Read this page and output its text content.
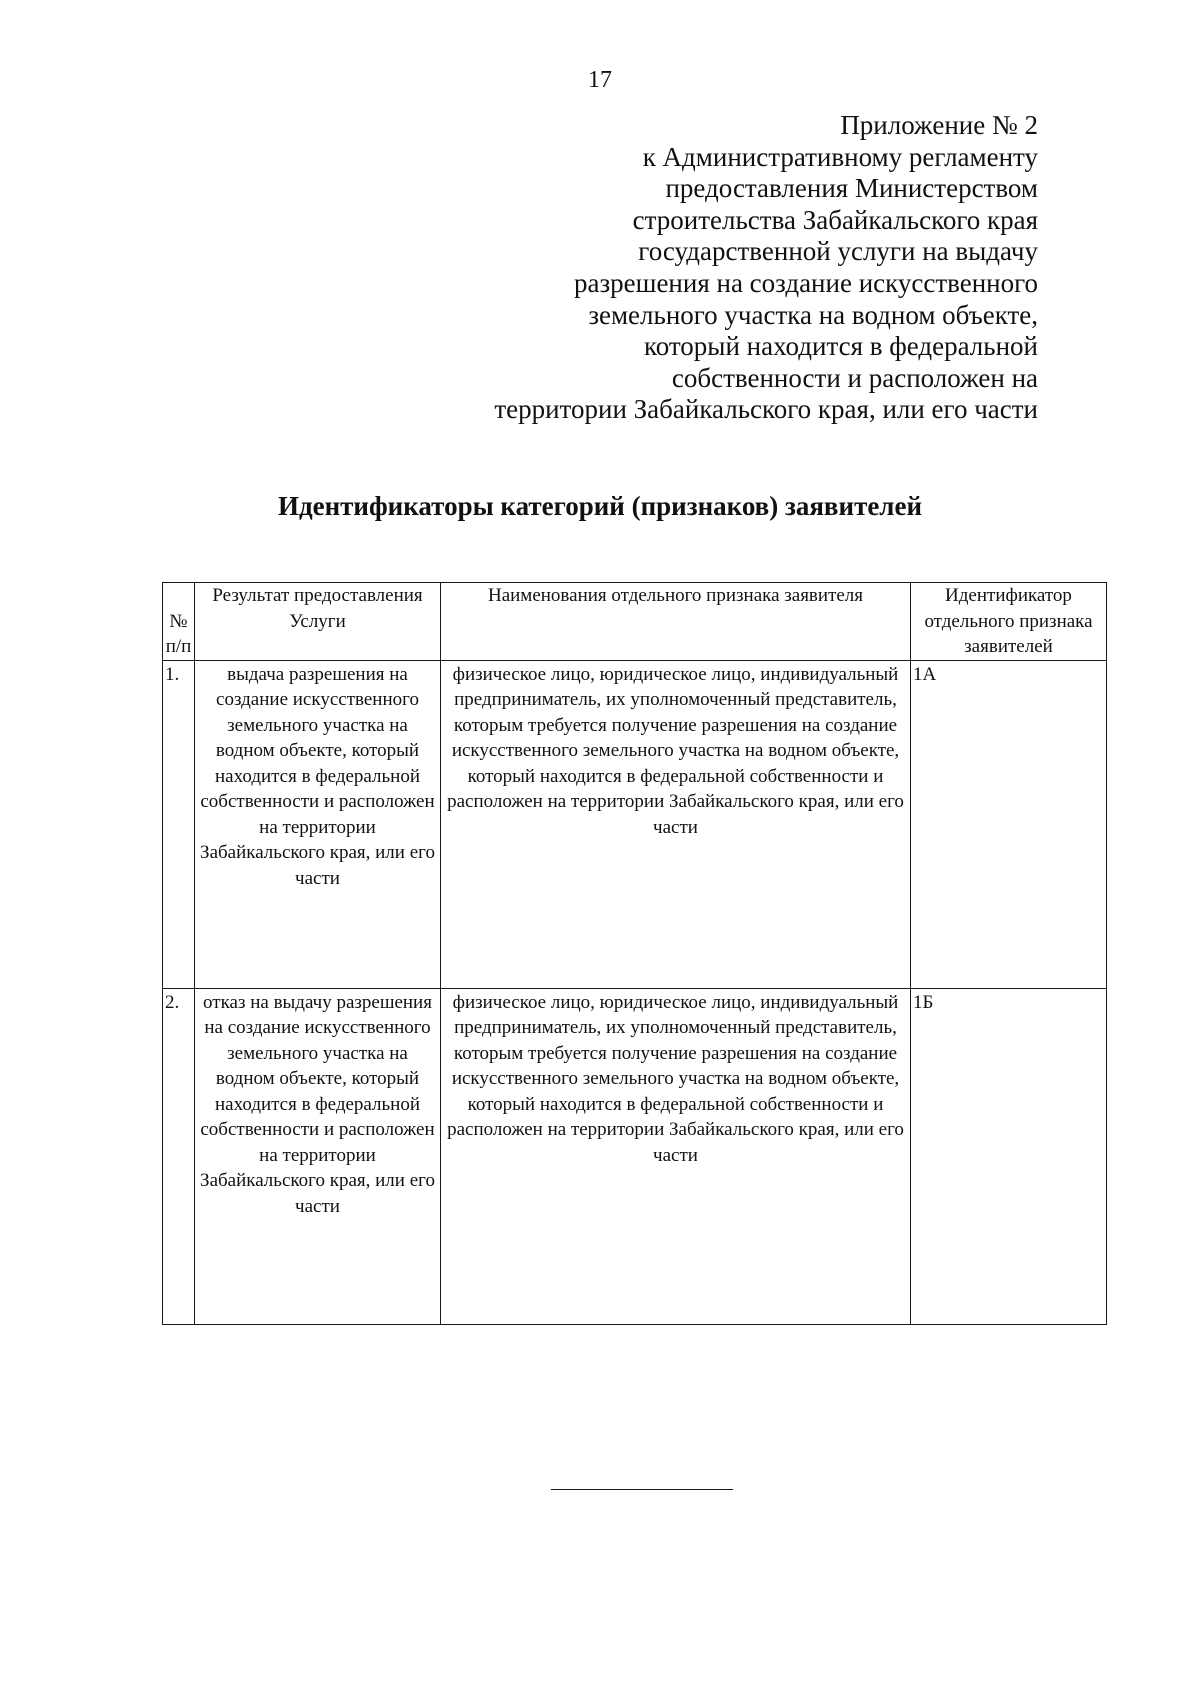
17
Приложение № 2
к Административному регламенту
предоставления Министерством
строительства Забайкальского края
государственной услуги на выдачу
разрешения на создание искусственного
земельного участка на водном объекте,
который находится в федеральной
собственности и расположен на
территории Забайкальского края, или его части
Идентификаторы категорий (признаков) заявителей
№ п/п	Результат предоставления Услуги	Наименования отдельного признака заявителя	Идентификатор отдельного признака заявителей
1.	выдача разрешения на создание искусственного земельного участка на водном объекте, который находится в федеральной собственности и расположен на территории Забайкальского края, или его части	физическое лицо, юридическое лицо, индивидуальный предприниматель, их уполномоченный представитель, которым требуется получение разрешения на создание искусственного земельного участка на водном объекте, который находится в федеральной собственности и расположен на территории Забайкальского края, или его части	1А
2.	отказ на выдачу разрешения на создание искусственного земельного участка на водном объекте, который находится в федеральной собственности и расположен на территории Забайкальского края, или его части	физическое лицо, юридическое лицо, индивидуальный предприниматель, их уполномоченный представитель, которым требуется получение разрешения на создание искусственного земельного участка на водном объекте, который находится в федеральной собственности и расположен на территории Забайкальского края, или его части	1Б
